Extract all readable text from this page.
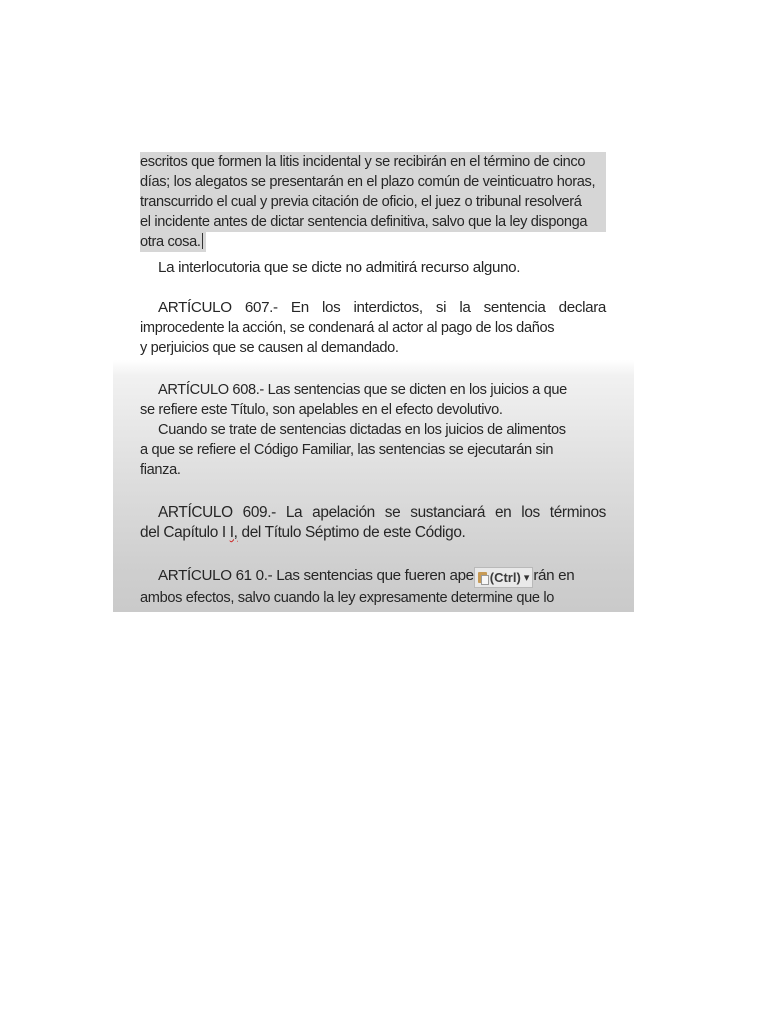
escritos que formen la litis incidental y se recibirán en el término de cinco
días; los alegatos se presentarán en el plazo común de veinticuatro horas,
transcurrido el cual y previa citación de oficio, el juez o tribunal resolverá
el incidente antes de dictar sentencia definitiva, salvo que la ley disponga
otra cosa.

La interlocutoria que se dicte no admitirá recurso alguno.

ARTÍCULO 607.- En los interdictos, si la sentencia declara
improcedente la acción, se condenará al actor al pago de los daños
y perjuicios que se causen al demandado.
ARTÍCULO 608.- Las sentencias que se dicten en los juicios a que
se refiere este Título, son apelables en el efecto devolutivo.
Cuando se trate de sentencias dictadas en los juicios de alimentos
a que se refiere el Código Familiar, las sentencias se ejecutarán sin
fianza.
ARTÍCULO 609.- La apelación se sustanciará en los términos
del Capítulo I I, del Título Séptimo de este Código.
ARTÍCULO 61 0.- Las sentencias que fueren ape (Ctrl) ▾ rán en
ambos efectos, salvo cuando la ley expresamente determine que lo
